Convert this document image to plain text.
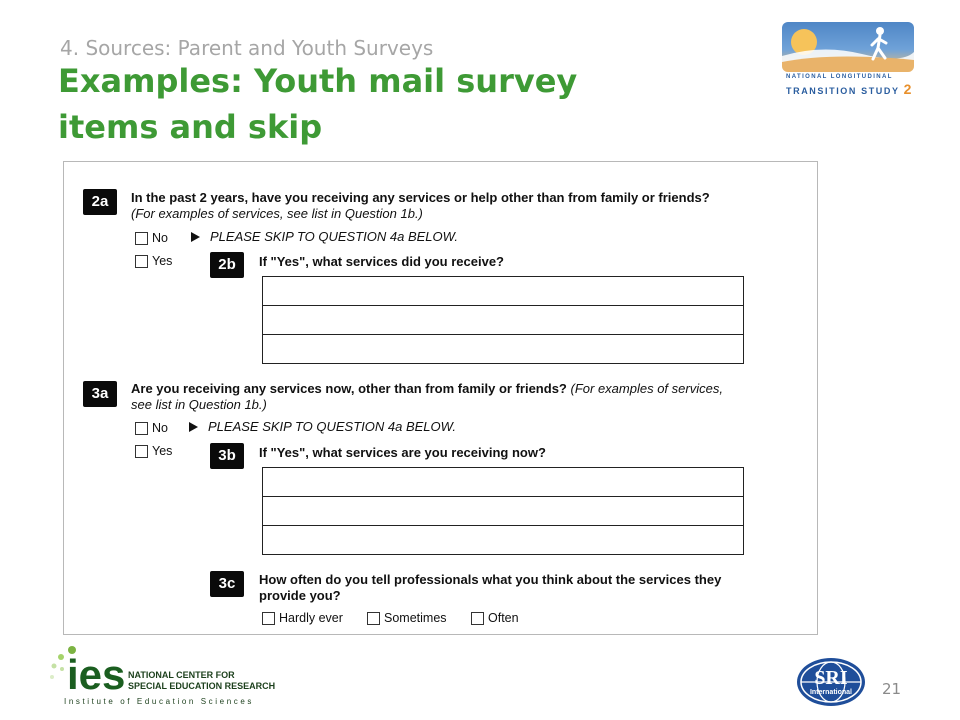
4. Sources: Parent and Youth Surveys
Examples: Youth mail survey items and skip
NATIONAL LONGITUDINAL
TRANSITION STUDY 2
2a	In the past 2 years, have you receiving any services or help other than from family or friends?
(For examples of services, see list in Question 1b.)
No	PLEASE SKIP TO QUESTION 4a BELOW.
Yes	2b	If "Yes", what services did you receive?
3a	Are you receiving any services now, other than from family or friends? (For examples of services, see list in Question 1b.)
No	PLEASE SKIP TO QUESTION 4a BELOW.
Yes	3b	If "Yes", what services are you receiving now?
3c	How often do you tell professionals what you think about the services they provide you?
Hardly ever	Sometimes	Often
ies NATIONAL CENTER FOR
SPECIAL EDUCATION RESEARCH
Institute of Education Sciences
SRI
International 21
